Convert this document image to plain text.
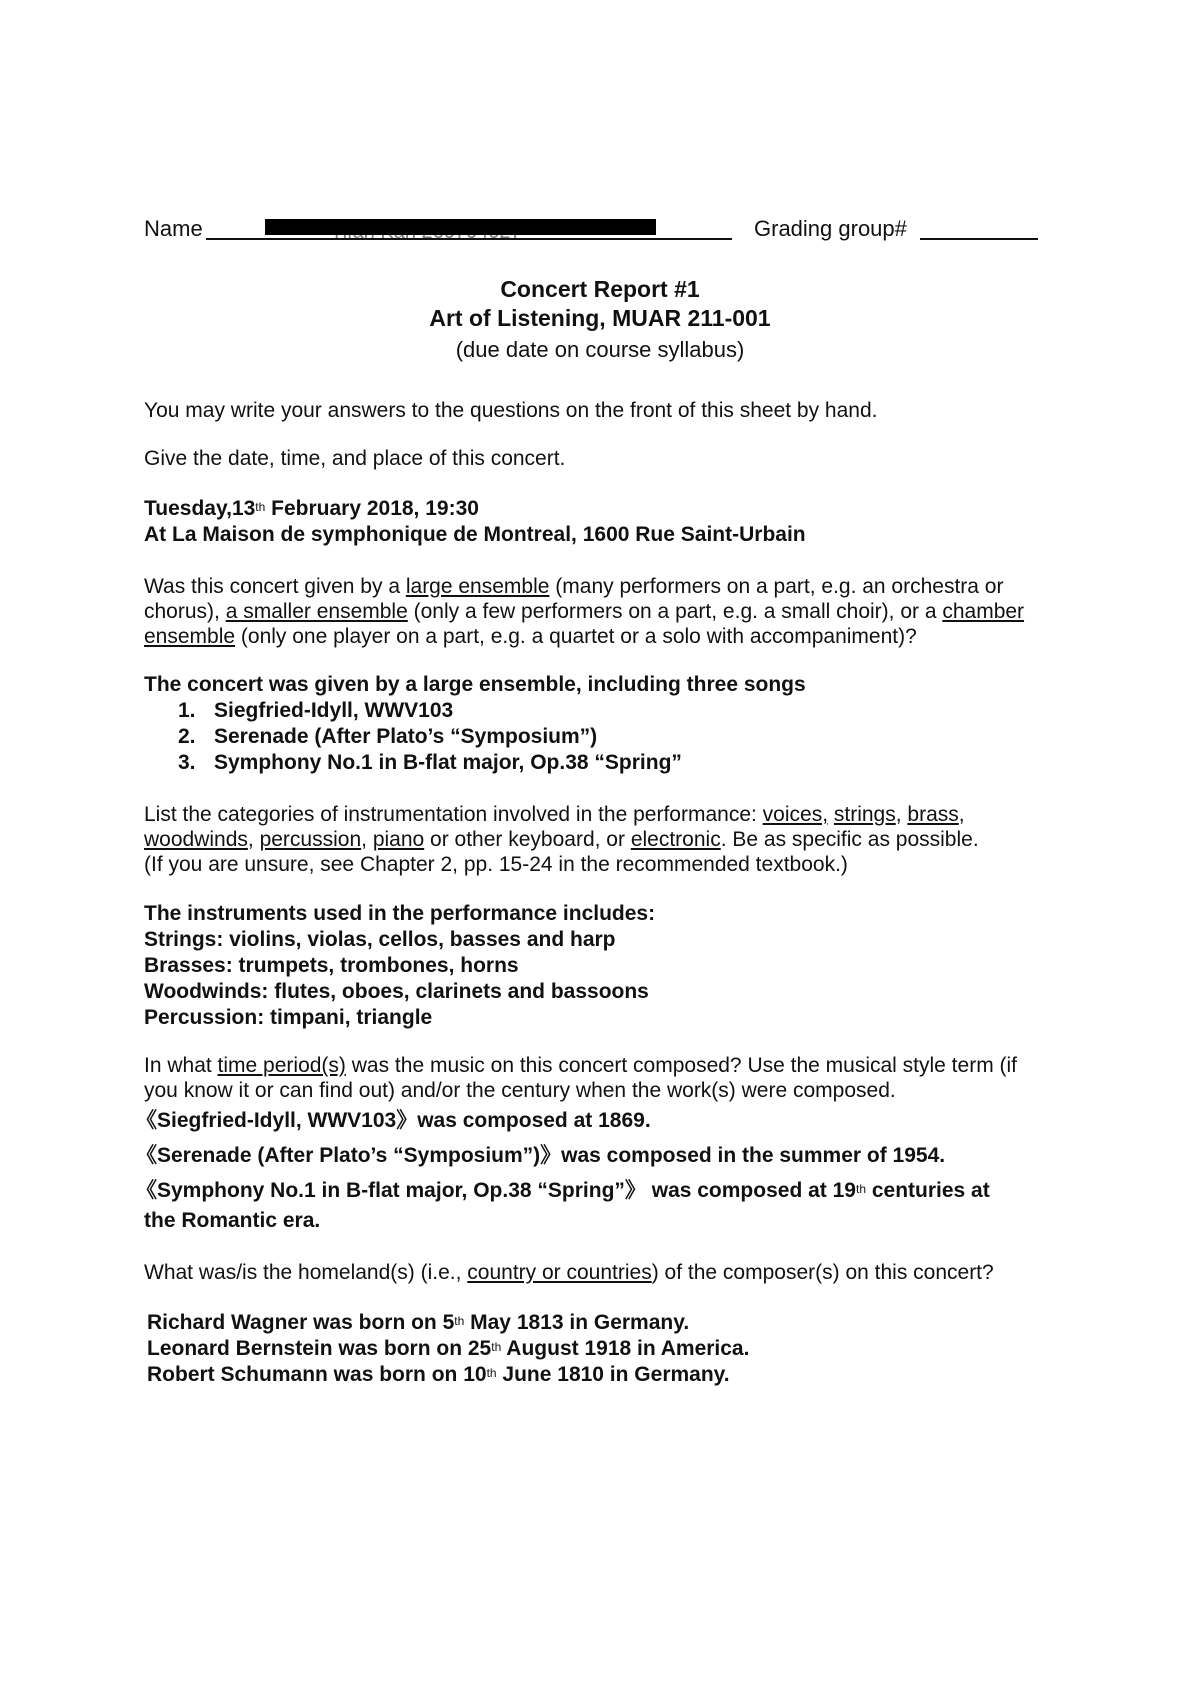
Name	Grading group#
Concert Report #1
Art of Listening, MUAR 211-001
(due date on course syllabus)
You may write your answers to the questions on the front of this sheet by hand.
Give the date, time, and place of this concert.
Tuesday,13th February 2018, 19:30
At La Maison de symphonique de Montreal, 1600 Rue Saint-Urbain
Was this concert given by a large ensemble (many performers on a part, e.g. an orchestra or
chorus), a smaller ensemble (only a few performers on a part, e.g. a small choir), or a chamber
ensemble (only one player on a part, e.g. a quartet or a solo with accompaniment)?
The concert was given by a large ensemble, including three songs
1. Siegfried-Idyll, WWV103
2. Serenade (After Plato’s “Symposium”)
3. Symphony No.1 in B-flat major, Op.38 “Spring”
List the categories of instrumentation involved in the performance: voices, strings, brass,
woodwinds, percussion, piano or other keyboard, or electronic. Be as specific as possible.
(If you are unsure, see Chapter 2, pp. 15-24 in the recommended textbook.)
The instruments used in the performance includes:
Strings: violins, violas, cellos, basses and harp
Brasses: trumpets, trombones, horns
Woodwinds: flutes, oboes, clarinets and bassoons
Percussion: timpani, triangle
In what time period(s) was the music on this concert composed? Use the musical style term (if
you know it or can find out) and/or the century when the work(s) were composed.
《Siegfried-Idyll, WWV103》was composed at 1869.
《Serenade (After Plato’s “Symposium”)》was composed in the summer of 1954.
《Symphony No.1 in B-flat major, Op.38 “Spring”》 was composed at 19th centuries at
the Romantic era.
What was/is the homeland(s) (i.e., country or countries) of the composer(s) on this concert?
Richard Wagner was born on 5th May 1813 in Germany.
Leonard Bernstein was born on 25th August 1918 in America.
Robert Schumann was born on 10th June 1810 in Germany.
